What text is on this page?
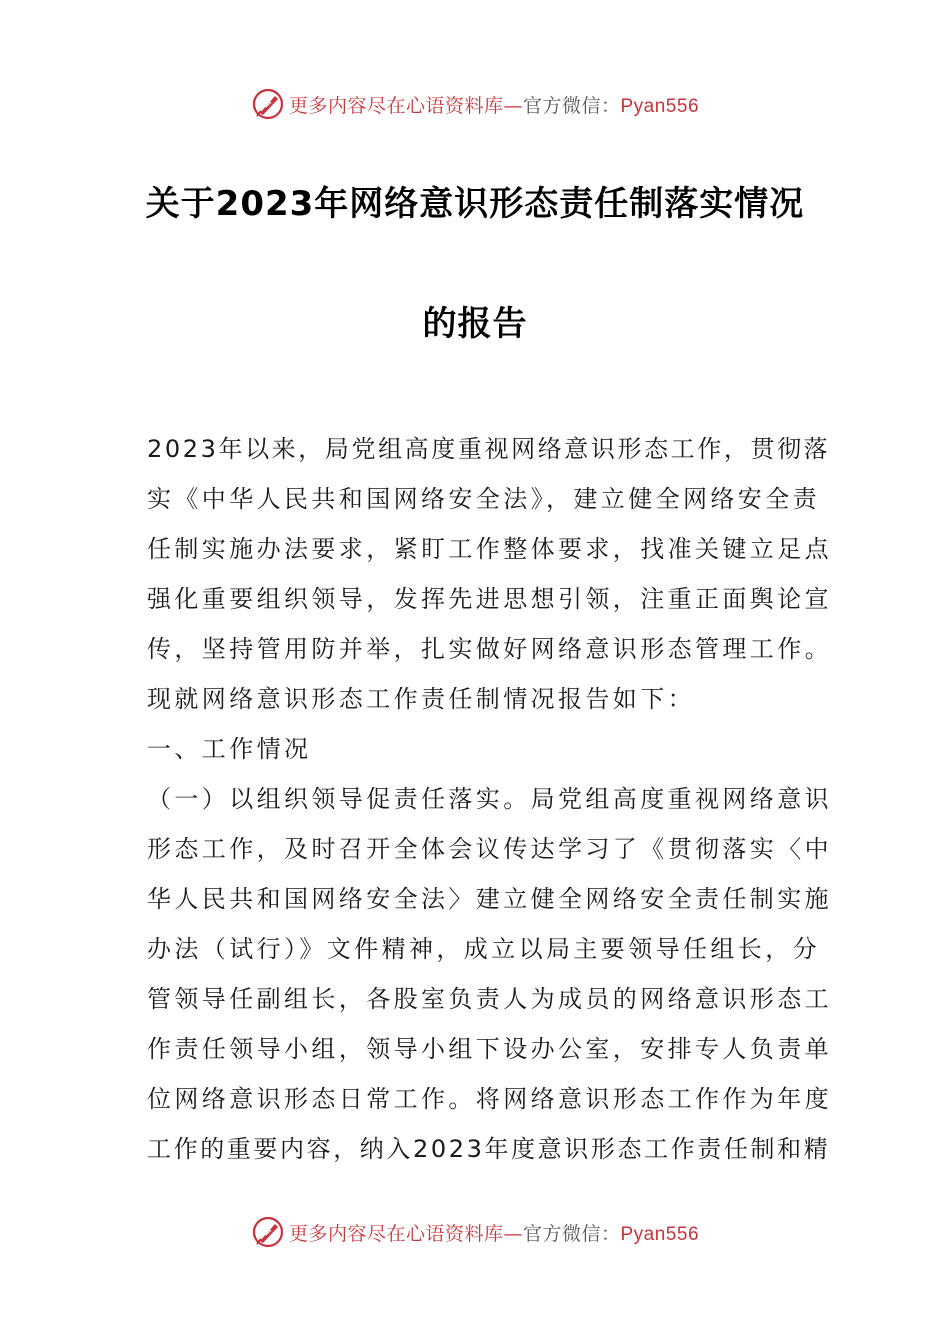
更多内容尽在心语资料库—官方微信：Pyan556
关于2023年网络意识形态责任制落实情况
的报告
2023年以来，局党组高度重视网络意识形态工作，贯彻落
实《中华人民共和国网络安全法》，建立健全网络安全责
任制实施办法要求，紧盯工作整体要求，找准关键立足点
强化重要组织领导，发挥先进思想引领，注重正面舆论宣
传，坚持管用防并举，扎实做好网络意识形态管理工作。
现就网络意识形态工作责任制情况报告如下：
一、工作情况
（一）以组织领导促责任落实。局党组高度重视网络意识
形态工作，及时召开全体会议传达学习了《贯彻落实〈中
华人民共和国网络安全法〉建立健全网络安全责任制实施
办法（试行）》文件精神，成立以局主要领导任组长，分
管领导任副组长，各股室负责人为成员的网络意识形态工
作责任领导小组，领导小组下设办公室，安排专人负责单
位网络意识形态日常工作。将网络意识形态工作作为年度
工作的重要内容，纳入2023年度意识形态工作责任制和精
更多内容尽在心语资料库—官方微信：Pyan556
